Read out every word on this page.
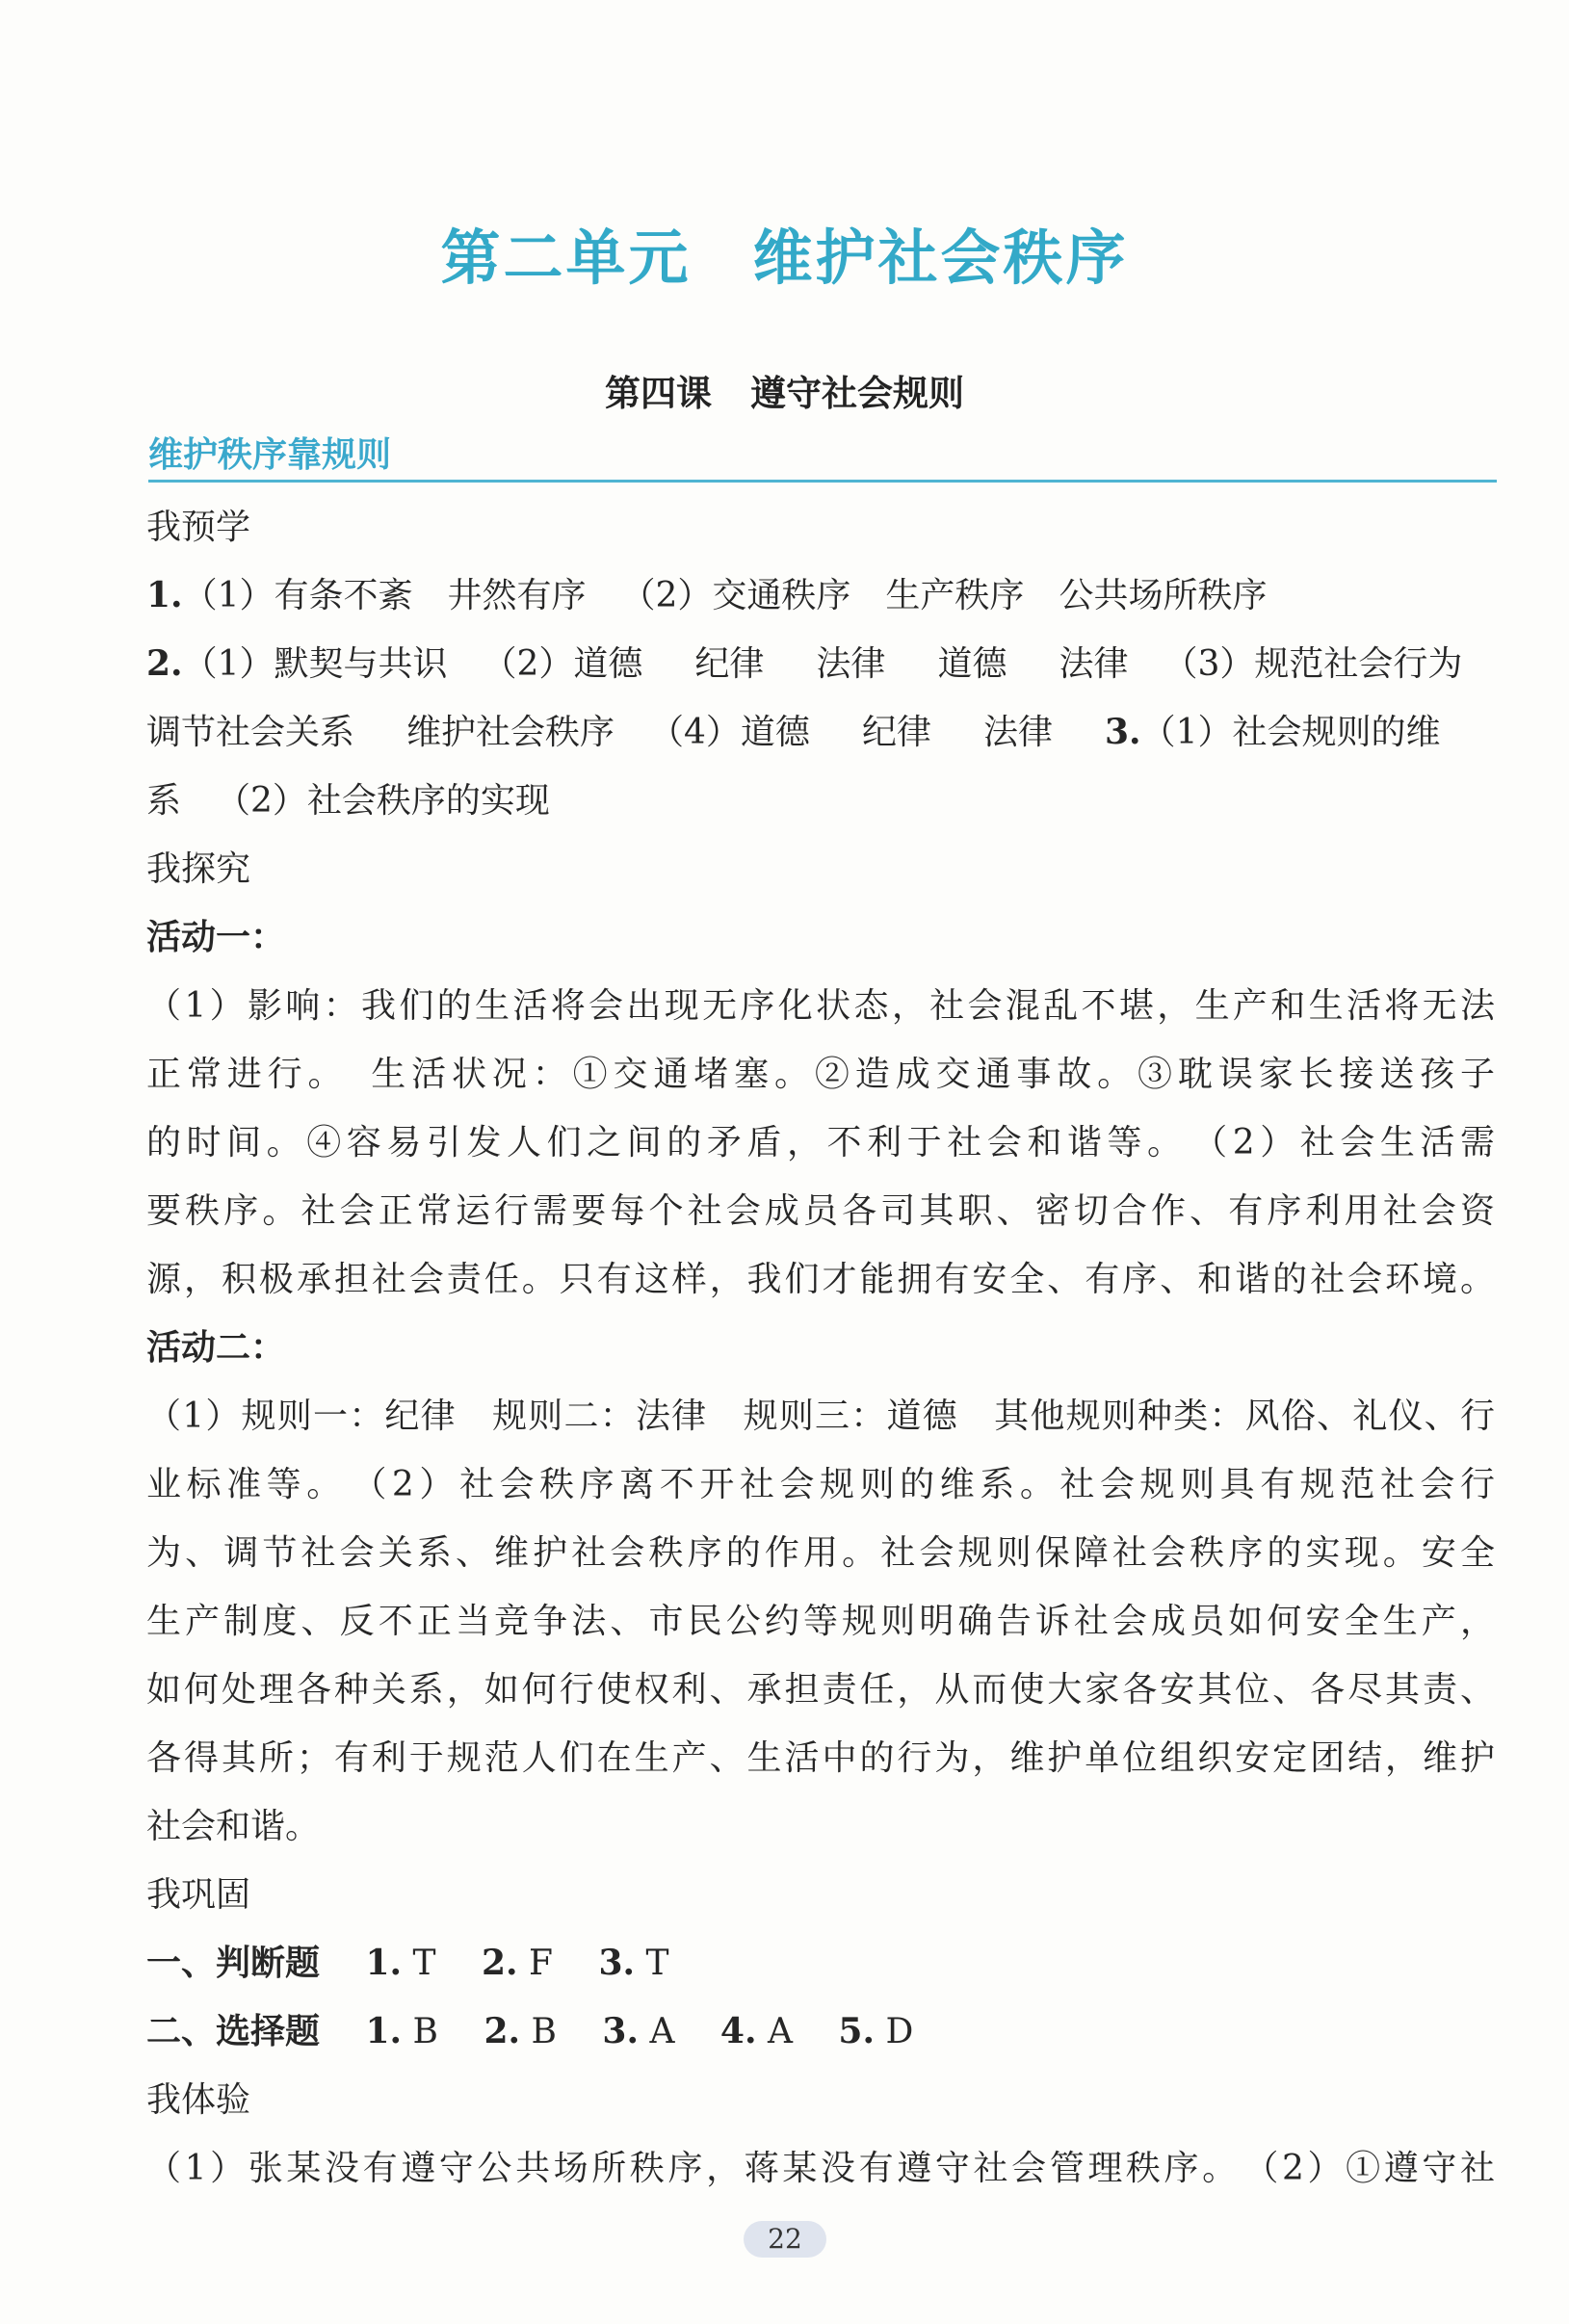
第二单元 维护社会秩序
第四课 遵守社会规则
维护秩序靠规则
我预学
1.（1）有条不紊 井然有序 （2）交通秩序 生产秩序 公共场所秩序
2.（1）默契与共识 （2）道德 纪律 法律 道德 法律 （3）规范社会行为
调节社会关系 维护社会秩序 （4）道德 纪律 法律 3.（1）社会规则的维
系 （2）社会秩序的实现
我探究
活动一：
（1）影响：我们的生活将会出现无序化状态，社会混乱不堪，生产和生活将无法
正常进行。　生活状况：①交通堵塞。②造成交通事故。③耽误家长接送孩子
的时间。④容易引发人们之间的矛盾，不利于社会和谐等。　（2）社会生活需
要秩序。社会正常运行需要每个社会成员各司其职、密切合作、有序利用社会资
源，积极承担社会责任。只有这样，我们才能拥有安全、有序、和谐的社会环境。
活动二：
（1）规则一：纪律　规则二：法律　规则三：道德　其他规则种类：风俗、礼仪、行
业标准等。　（2）社会秩序离不开社会规则的维系。社会规则具有规范社会行
为、调节社会关系、维护社会秩序的作用。社会规则保障社会秩序的实现。安全
生产制度、反不正当竞争法、市民公约等规则明确告诉社会成员如何安全生产，
如何处理各种关系，如何行使权利、承担责任，从而使大家各安其位、各尽其责、
各得其所；有利于规范人们在生产、生活中的行为，维护单位组织安定团结，维护
社会和谐。
我巩固
一、判断题 1. T 2. F 3. T
二、选择题 1. B 2. B 3. A 4. A 5. D
我体验
（1）张某没有遵守公共场所秩序，蒋某没有遵守社会管理秩序。　（2）①遵守社
22
